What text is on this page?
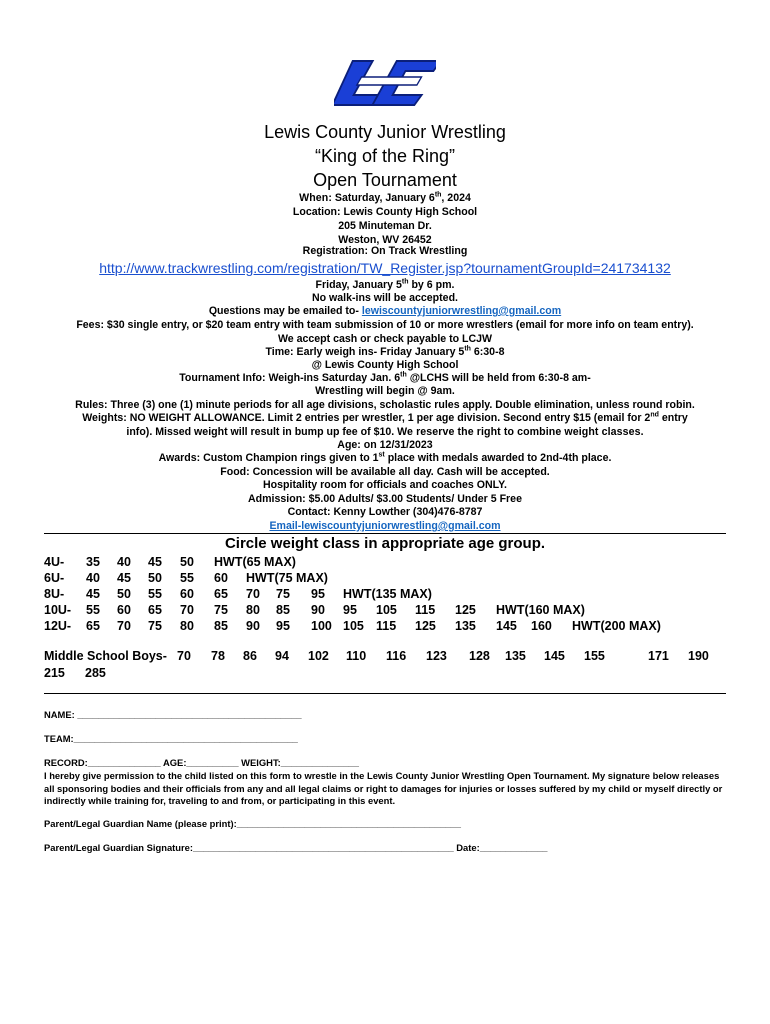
Lewis County Junior Wrestling
“King of the Ring”
Open Tournament
When: Saturday, January 6th, 2024
Location: Lewis County High School
205 Minuteman Dr.
Weston, WV 26452
Registration: On Track Wrestling
http://www.trackwrestling.com/registration/TW_Register.jsp?tournamentGroupId=241734132
Friday, January 5th by 6 pm.
No walk-ins will be accepted.
Questions may be emailed to- lewiscountyjuniorwrestling@gmail.com
Fees: $30 single entry, or $20 team entry with team submission of 10 or more wrestlers (email for more info on team entry).
We accept cash or check payable to LCJW
Time: Early weigh ins- Friday January 5th 6:30-8
@ Lewis County High School
Tournament Info: Weigh-ins Saturday Jan. 6th @LCHS will be held from 6:30-8 am-
Wrestling will begin @ 9am.
Rules: Three (3) one (1) minute periods for all age divisions, scholastic rules apply. Double elimination, unless round robin.
Weights: NO WEIGHT ALLOWANCE. Limit 2 entries per wrestler, 1 per age division. Second entry $15 (email for 2nd entry
info). Missed weight will result in bump up fee of $10. We reserve the right to combine weight classes.
Age: on 12/31/2023
Awards: Custom Champion rings given to 1st place with medals awarded to 2nd-4th place.
Food: Concession will be available all day. Cash will be accepted.
Hospitality room for officials and coaches ONLY.
Admission: $5.00 Adults/ $3.00 Students/ Under 5 Free
Contact: Kenny Lowther (304)476-8787
Email-lewiscountyjuniorwrestling@gmail.com
Circle weight class in appropriate age group.
4U- 35 40 45 50 HWT(65 MAX)
6U- 40 45 50 55 60 HWT(75 MAX)
8U- 45 50 55 60 65 70 75 95 HWT(135 MAX)
10U- 55 60 65 70 75 80 85 90 95 105 115 125 HWT(160 MAX)
12U- 65 70 75 80 85 90 95 100 105 115 125 135 145 160 HWT(200 MAX)
Middle School Boys- 70 78 86 94 102 110 116 123 128 135 145 155	171 190
215 285
NAME: ___________________________________________
TEAM:___________________________________________
RECORD:______________ AGE:__________ WEIGHT:_______________
I hereby give permission to the child listed on this form to wrestle in the Lewis County Junior Wrestling Open Tournament. My signature below releases all sponsoring bodies and their officials from any and all legal claims or right to damages for injuries or losses suffered by my child or myself directly or indirectly while training for, traveling to and from, or participating in this event.
Parent/Legal Guardian Name (please print):___________________________________________
Parent/Legal Guardian Signature:__________________________________________________ Date:_____________
